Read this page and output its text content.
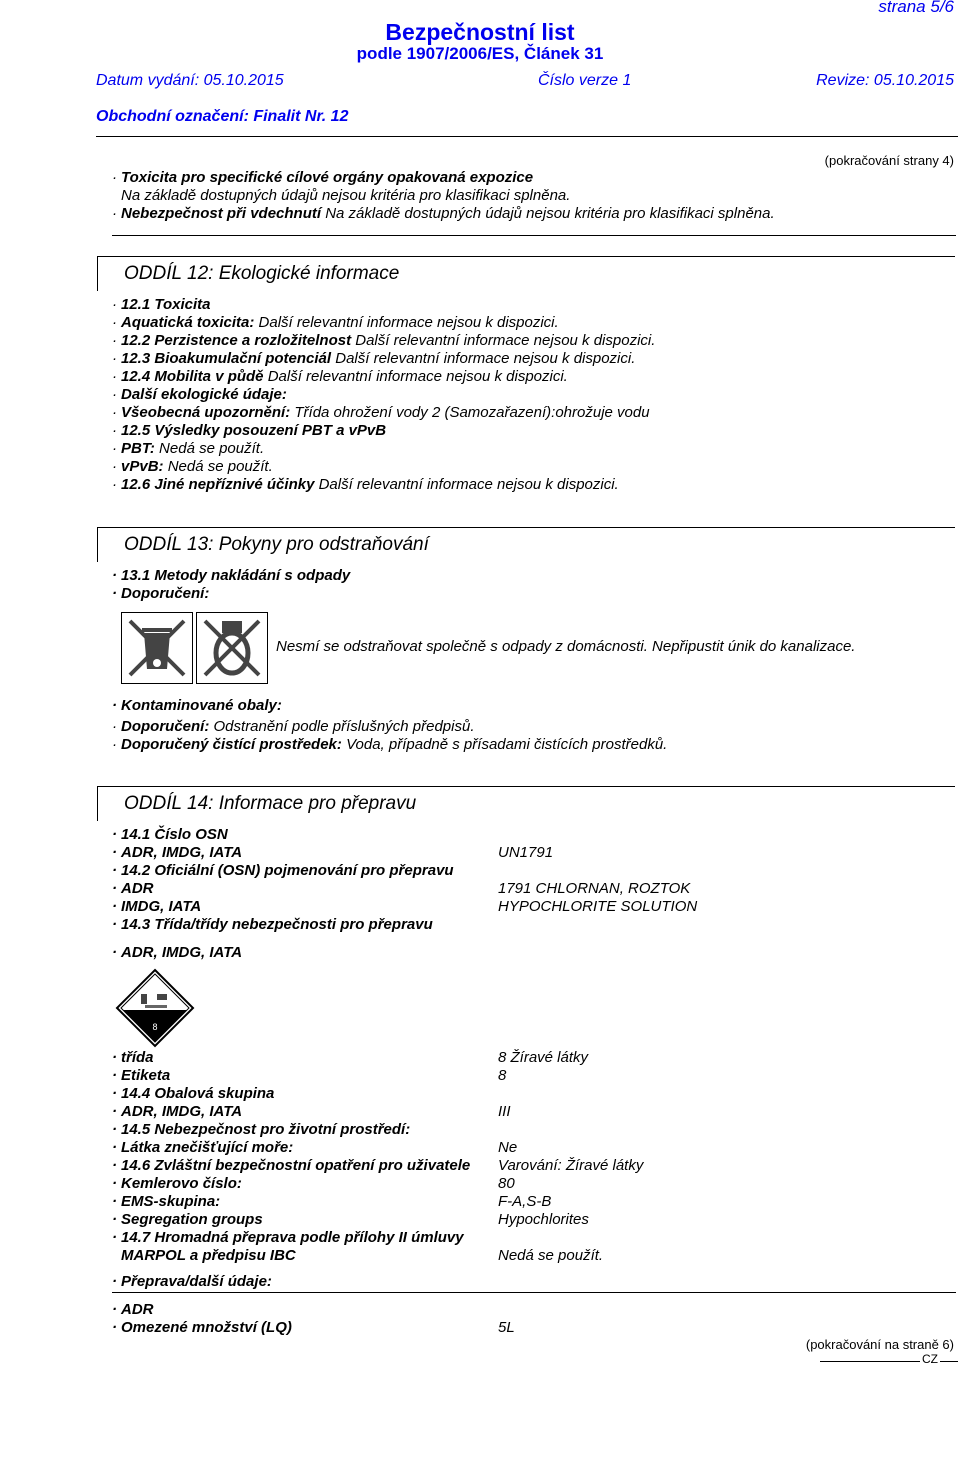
strana 5/6
Bezpečnostní list
podle 1907/2006/ES, Článek 31
Datum vydání: 05.10.2015	Číslo verze 1	Revize: 05.10.2015
Obchodní označení: Finalit Nr. 12
(pokračování strany 4)
· Toxicita pro specifické cílové orgány opakovaná expozice
Na základě dostupných údajů nejsou kritéria pro klasifikaci splněna.
· Nebezpečnost při vdechnutí Na základě dostupných údajů nejsou kritéria pro klasifikaci splněna.
ODDÍL 12: Ekologické informace
· 12.1 Toxicita
· Aquatická toxicita: Další relevantní informace nejsou k dispozici.
· 12.2 Perzistence a rozložitelnost Další relevantní informace nejsou k dispozici.
· 12.3 Bioakumulační potenciál Další relevantní informace nejsou k dispozici.
· 12.4 Mobilita v půdě Další relevantní informace nejsou k dispozici.
· Další ekologické údaje:
· Všeobecná upozornění: Třída ohrožení vody 2 (Samozařazení):ohrožuje vodu
· 12.5 Výsledky posouzení PBT a vPvB
· PBT: Nedá se použít.
· vPvB: Nedá se použít.
· 12.6 Jiné nepříznivé účinky Další relevantní informace nejsou k dispozici.
ODDÍL 13: Pokyny pro odstraňování
· 13.1 Metody nakládání s odpady
· Doporučení:
Nesmí se odstraňovat společně s odpady z domácnosti. Nepřipustit únik do kanalizace.
· Kontaminované obaly:
· Doporučení: Odstranění podle příslušných předpisů.
· Doporučený čistící prostředek: Voda, případně s přísadami čistících prostředků.
ODDÍL 14: Informace pro přepravu
· 14.1 Číslo OSN
· ADR, IMDG, IATA	UN1791
· 14.2 Oficiální (OSN) pojmenování pro přepravu
· ADR	1791 CHLORNAN, ROZTOK
· IMDG, IATA	HYPOCHLORITE SOLUTION
· 14.3 Třída/třídy nebezpečnosti pro přepravu
· ADR, IMDG, IATA
8
· třída	8 Žíravé látky
· Etiketa	8
· 14.4 Obalová skupina
· ADR, IMDG, IATA	III
· 14.5 Nebezpečnost pro životní prostředí:
· Látka znečišťující moře:	Ne
· 14.6 Zvláštní bezpečnostní opatření pro uživatele Varování: Žíravé látky
· Kemlerovo číslo:	80
· EMS-skupina:	F-A,S-B
· Segregation groups	Hypochlorites
· 14.7 Hromadná přeprava podle přílohy II úmluvy
MARPOL a předpisu IBC	Nedá se použít.
· Přeprava/další údaje:
· ADR
· Omezené množství (LQ)	5L
(pokračování na straně 6)
CZ
